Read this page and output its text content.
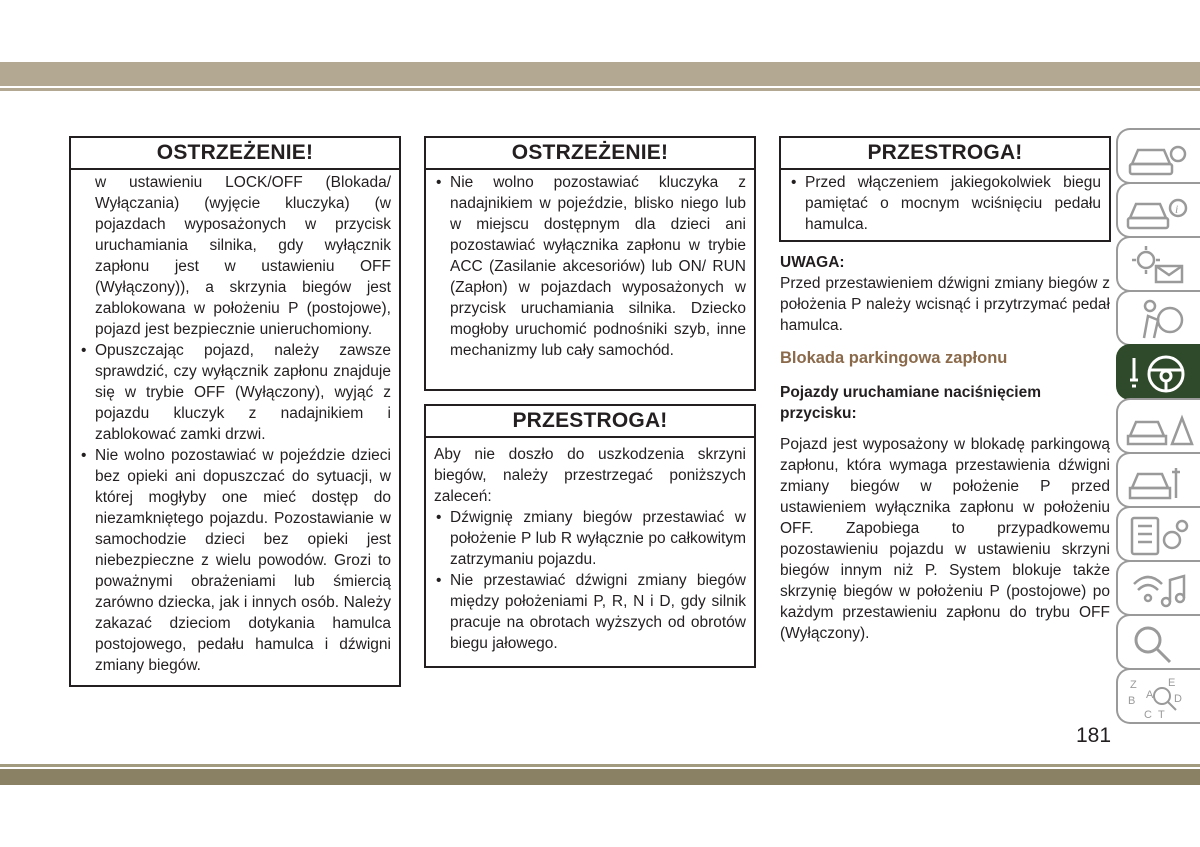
OSTRZEŻENIE!
w ustawieniu LOCK/OFF (Blokada/ Wyłączania) (wyjęcie kluczyka) (w pojazdach wyposażonych w przycisk uruchamiania silnika, gdy wyłącznik zapłonu jest w ustawieniu OFF (Wyłączony)), a skrzynia biegów jest zablokowana w położeniu P (postojowe), pojazd jest bezpiecznie unieruchomiony.
• Opuszczając pojazd, należy zawsze sprawdzić, czy wyłącznik zapłonu znajduje się w trybie OFF (Wyłączony), wyjąć z pojazdu kluczyk z nadajnikiem i zablokować zamki drzwi.
• Nie wolno pozostawiać w pojeździe dzieci bez opieki ani dopuszczać do sytuacji, w której mogłyby one mieć dostęp do niezamkniętego pojazdu. Pozostawianie w samochodzie dzieci bez opieki jest niebezpieczne z wielu powodów. Grozi to poważnymi obrażeniami lub śmiercią zarówno dziecka, jak i innych osób. Należy zakazać dzieciom dotykania hamulca postojowego, pedału hamulca i dźwigni zmiany biegów.
OSTRZEŻENIE!
• Nie wolno pozostawiać kluczyka z nadajnikiem w pojeździe, blisko niego lub w miejscu dostępnym dla dzieci ani pozostawiać wyłącznika zapłonu w trybie ACC (Zasilanie akcesoriów) lub ON/ RUN (Zapłon) w pojazdach wyposażonych w przycisk uruchamiania silnika. Dziecko mogłoby uruchomić podnośniki szyb, inne mechanizmy lub cały samochód.
PRZESTROGA!
Aby nie doszło do uszkodzenia skrzyni biegów, należy przestrzegać poniższych zaleceń:
• Dźwignię zmiany biegów przestawiać w położenie P lub R wyłącznie po całkowitym zatrzymaniu pojazdu.
• Nie przestawiać dźwigni zmiany biegów między położeniami P, R, N i D, gdy silnik pracuje na obrotach wyższych od obrotów biegu jałowego.
PRZESTROGA!
• Przed włączeniem jakiegokolwiek biegu pamiętać o mocnym wciśnięciu pedału hamulca.
UWAGA:
Przed przestawieniem dźwigni zmiany biegów z położenia P należy wcisnąć i przytrzymać pedał hamulca.
Blokada parkingowa zapłonu
Pojazdy uruchamiane naciśnięciem przycisku:
Pojazd jest wyposażony w blokadę parkingową zapłonu, która wymaga przestawienia dźwigni zmiany biegów w położenie P przed ustawieniem wyłącznika zapłonu w położeniu OFF. Zapobiega to przypadkowemu pozostawieniu pojazdu w ustawieniu skrzyni biegów innym niż P. System blokuje także skrzynię biegów w położeniu P (postojowe) po każdym przestawieniu zapłonu do trybu OFF (Wyłączony).
i
Z	E
B A D
C T
181
